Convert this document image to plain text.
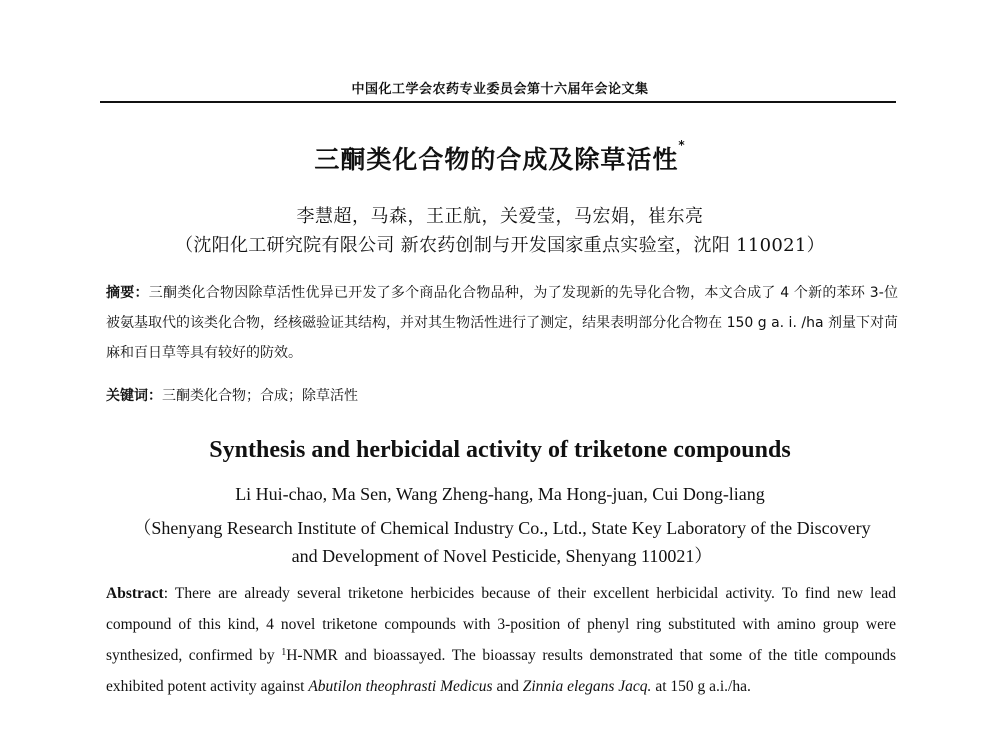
中国化工学会农药专业委员会第十六届年会论文集
三酮类化合物的合成及除草活性*
李慧超，马森，王正航，关爱莹，马宏娟，崔东亮
（沈阳化工研究院有限公司 新农药创制与开发国家重点实验室，沈阳 110021）
摘要：三酮类化合物因除草活性优异已开发了多个商品化合物品种，为了发现新的先导化合物，本文合成了 4 个新的苯环 3-位被氨基取代的该类化合物，经核磁验证其结构，并对其生物活性进行了测定，结果表明部分化合物在 150 g a. i. /ha 剂量下对苘麻和百日草等具有较好的防效。
关键词：三酮类化合物；合成；除草活性
Synthesis and herbicidal activity of triketone compounds
Li Hui-chao, Ma Sen, Wang Zheng-hang, Ma Hong-juan, Cui Dong-liang
（Shenyang Research Institute of Chemical Industry Co., Ltd., State Key Laboratory of the Discovery and Development of Novel Pesticide, Shenyang 110021）
Abstract: There are already several triketone herbicides because of their excellent herbicidal activity. To find new lead compound of this kind, 4 novel triketone compounds with 3-position of phenyl ring substituted with amino group were synthesized, confirmed by $^1$H-NMR and bioassayed. The bioassay results demonstrated that some of the title compounds exhibited potent activity against Abutilon theophrasti Medicus and Zinnia elegans Jacq. at 150 g a.i./ha.
